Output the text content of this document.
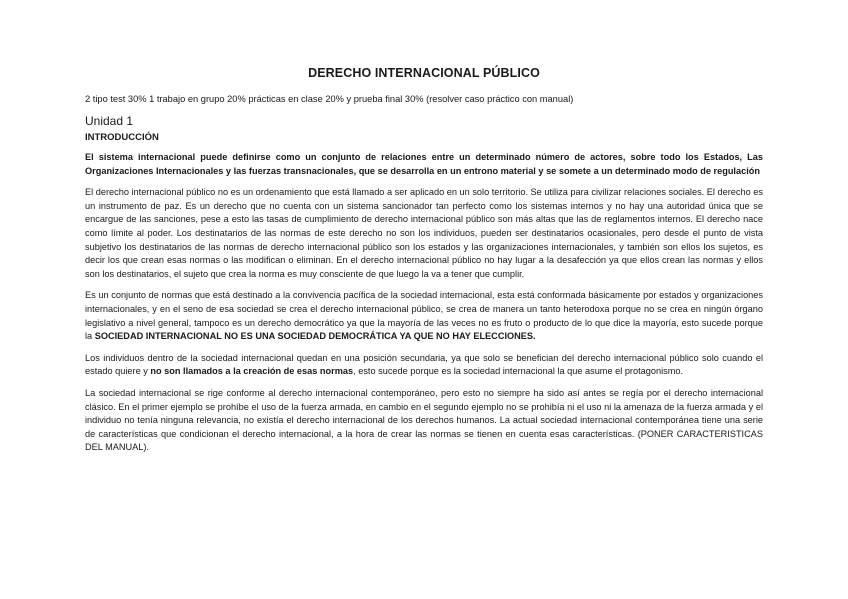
DERECHO INTERNACIONAL PÚBLICO
2 tipo test 30% 1 trabajo en grupo 20% prácticas en clase 20% y prueba final 30% (resolver caso práctico con manual)
Unidad 1
INTRODUCCIÓN

El sistema internacional puede definirse como un conjunto de relaciones entre un determinado número de actores, sobre todo los Estados, Las Organizaciones Internacionales y las fuerzas transnacionales, que se desarrolla en un entrono material y se somete a un determinado modo de regulación

El derecho internacional público no es un ordenamiento que está llamado a ser aplicado en un solo territorio. Se utiliza para civilizar relaciones sociales. El derecho es un instrumento de paz. Es un derecho que no cuenta con un sistema sancionador tan perfecto como los sistemas internos y no hay una autoridad única que se encargue de las sanciones, pese a esto las tasas de cumplimiento de derecho internacional público son más altas que las de reglamentos internos. El derecho nace como límite al poder. Los destinatarios de las normas de este derecho no son los individuos, pueden ser destinatarios ocasionales, pero desde el punto de vista subjetivo los destinatarios de las normas de derecho internacional público son los estados y las organizaciones internacionales, y también son ellos los sujetos, es decir los que crean esas normas o las modifican o eliminan. En el derecho internacional público no hay lugar a la desafección ya que ellos crean las normas y ellos son los destinatarios, el sujeto que crea la norma es muy consciente de que luego la va a tener que cumplir.

Es un conjunto de normas que está destinado a la convivencia pacífica de la sociedad internacional, esta está conformada básicamente por estados y organizaciones internacionales, y en el seno de esa sociedad se crea el derecho internacional público, se crea de manera un tanto heterodoxa porque no se crea en ningún órgano legislativo a nivel general, tampoco es un derecho democrático ya que la mayoría de las veces no es fruto o producto de lo que dice la mayoría, esto sucede porque la SOCIEDAD INTERNACIONAL NO ES UNA SOCIEDAD DEMOCRÁTICA YA QUE NO HAY ELECCIONES.

Los individuos dentro de la sociedad internacional quedan en una posición secundaria, ya que solo se benefician del derecho internacional público solo cuando el estado quiere y no son llamados a la creación de esas normas, esto sucede porque es la sociedad internacional la que asume el protagonismo.

La sociedad internacional se rige conforme al derecho internacional contemporáneo, pero esto no siempre ha sido así antes se regía por el derecho internacional clásico. En el primer ejemplo se prohíbe el uso de la fuerza armada, en cambio en el segundo ejemplo no se prohibía ni el uso ni la amenaza de la fuerza armada y el individuo no tenía ninguna relevancia, no existía el derecho internacional de los derechos humanos. La actual sociedad internacional contemporánea tiene una serie de características que condicionan el derecho internacional, a la hora de crear las normas se tienen en cuenta esas características. (PONER CARACTERISTICAS DEL MANUAL).
